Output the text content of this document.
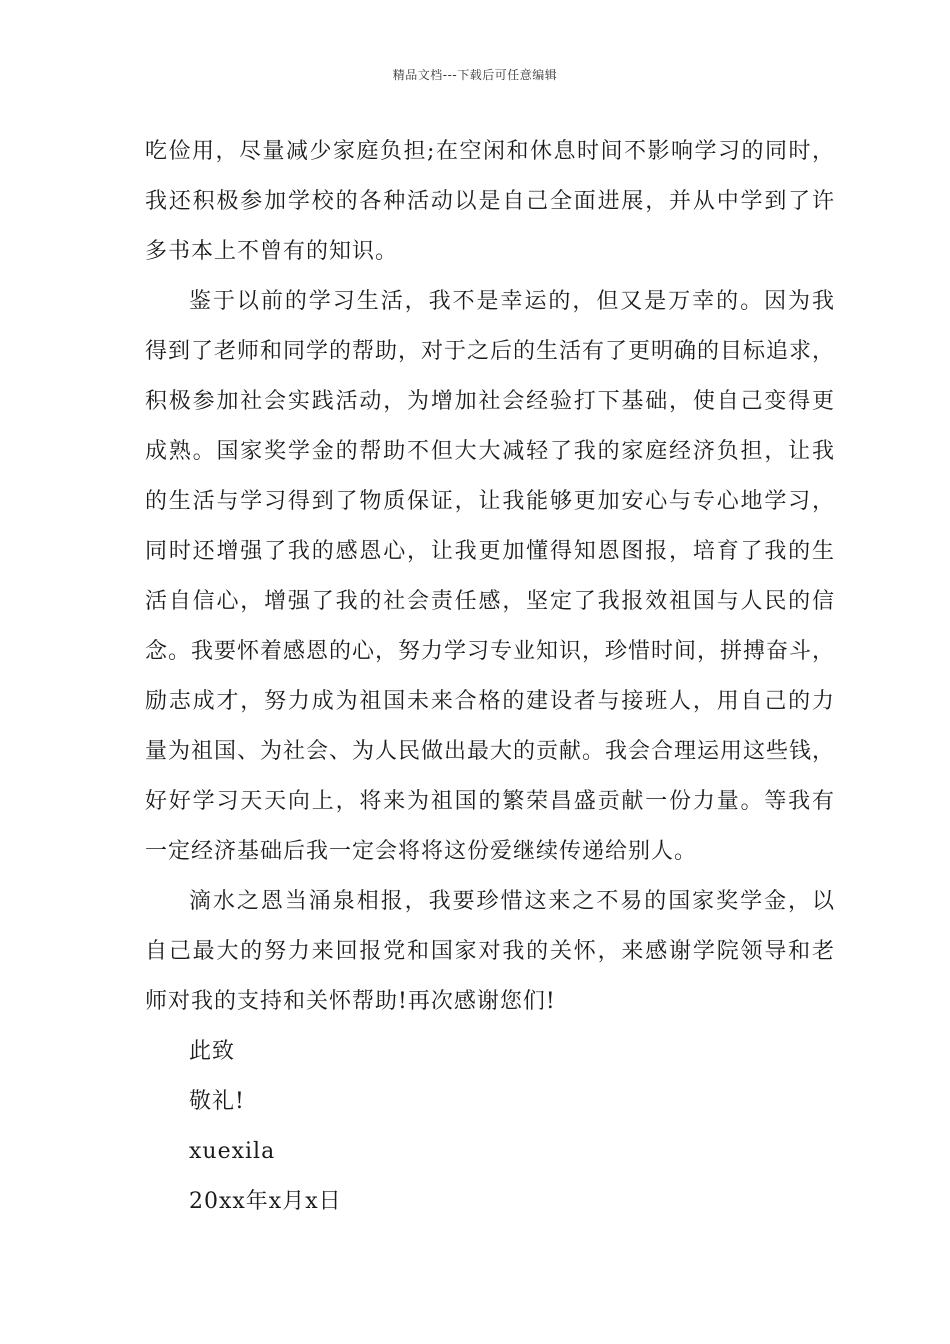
精品文档---下载后可任意编辑
吃俭用，尽量减少家庭负担;在空闲和休息时间不影响学习的同时，
我还积极参加学校的各种活动以是自己全面进展，并从中学到了许
多书本上不曾有的知识。
鉴于以前的学习生活，我不是幸运的，但又是万幸的。因为我
得到了老师和同学的帮助，对于之后的生活有了更明确的目标追求，
积极参加社会实践活动，为增加社会经验打下基础，使自己变得更
成熟。国家奖学金的帮助不但大大减轻了我的家庭经济负担，让我
的生活与学习得到了物质保证，让我能够更加安心与专心地学习，
同时还增强了我的感恩心，让我更加懂得知恩图报，培育了我的生
活自信心，增强了我的社会责任感，坚定了我报效祖国与人民的信
念。我要怀着感恩的心，努力学习专业知识，珍惜时间，拼搏奋斗，
励志成才，努力成为祖国未来合格的建设者与接班人，用自己的力
量为祖国、为社会、为人民做出最大的贡献。我会合理运用这些钱，
好好学习天天向上，将来为祖国的繁荣昌盛贡献一份力量。等我有
一定经济基础后我一定会将将这份爱继续传递给别人。
滴水之恩当涌泉相报，我要珍惜这来之不易的国家奖学金，以
自己最大的努力来回报党和国家对我的关怀，来感谢学院领导和老
师对我的支持和关怀帮助!再次感谢您们!
此致
敬礼!
xuexila
20xx年x月x日
